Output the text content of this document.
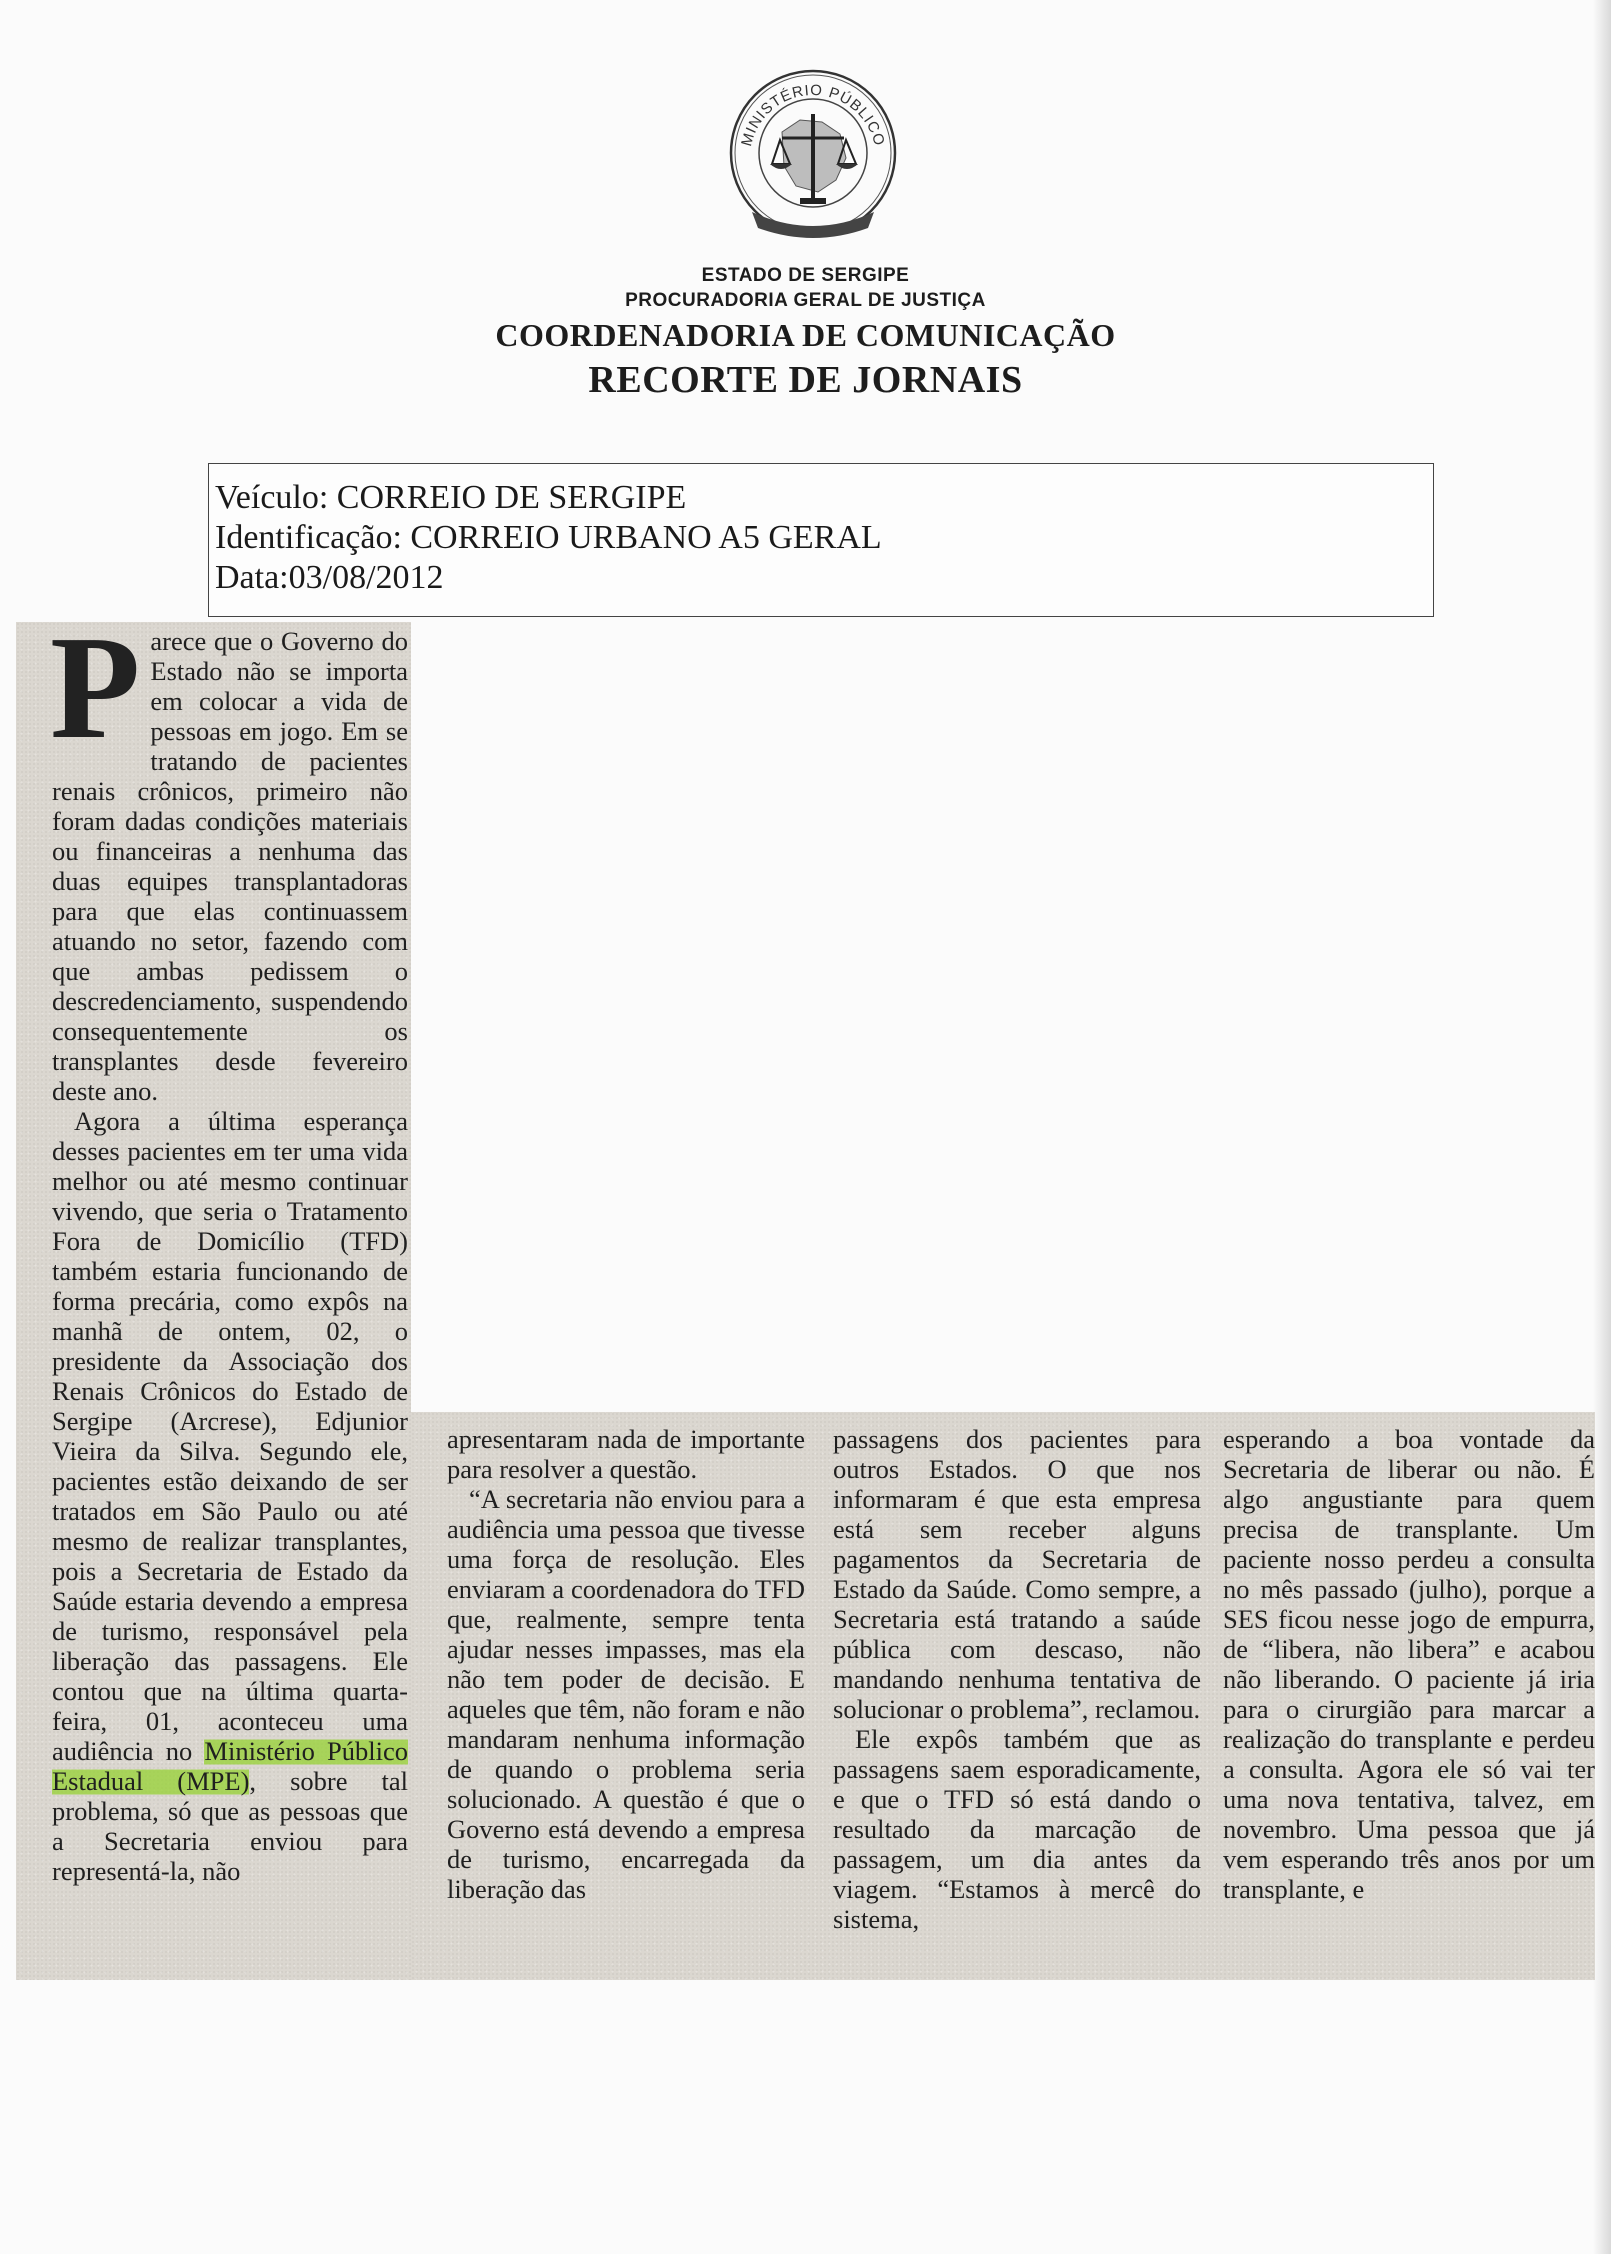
MINISTÉRIO PÚBLICO

ESTADO DE SERGIPE

PROCURADORIA GERAL DE JUSTIÇA

COORDENADORIA DE COMUNICAÇÃO

RECORTE DE JORNAIS

Veículo: CORREIO DE SERGIPE
Identificação: CORREIO URBANO A5 GERAL
Data:03/08/2012

Parece que o Governo do Estado não se importa em colocar a vida de pessoas em jogo. Em se tratando de pacientes renais crônicos, primeiro não foram dadas condições materiais ou financeiras a nenhuma das duas equipes transplantadoras para que elas continuassem atuando no setor, fazendo com que ambas pedissem o descredenciamento, suspendendo consequentemente os transplantes desde fevereiro deste ano.

Agora a última esperança desses pacientes em ter uma vida melhor ou até mesmo continuar vivendo, que seria o Tratamento Fora de Domicílio (TFD) também estaria funcionando de forma precária, como expôs na manhã de ontem, 02, o presidente da Associação dos Renais Crônicos do Estado de Sergipe (Arcrese), Edjunior Vieira da Silva. Segundo ele, pacientes estão deixando de ser tratados em São Paulo ou até mesmo de realizar transplantes, pois a Secretaria de Estado da Saúde estaria devendo a empresa de turismo, responsável pela liberação das passagens. Ele contou que na última quarta-feira, 01, aconteceu uma audiência no Ministério Público Estadual (MPE), sobre tal problema, só que as pessoas que a Secretaria enviou para representá-la, não

apresentaram nada de importante para resolver a questão.

“A secretaria não enviou para a audiência uma pessoa que tivesse uma força de resolução. Eles enviaram a coordenadora do TFD que, realmente, sempre tenta ajudar nesses impasses, mas ela não tem poder de decisão. E aqueles que têm, não foram e não mandaram nenhuma informação de quando o problema seria solucionado. A questão é que o Governo está devendo a empresa de turismo, encarregada da liberação das

passagens dos pacientes para outros Estados. O que nos informaram é que esta empresa está sem receber alguns pagamentos da Secretaria de Estado da Saúde. Como sempre, a Secretaria está tratando a saúde pública com descaso, não mandando nenhuma tentativa de solucionar o problema”, reclamou.

Ele expôs também que as passagens saem esporadicamente, e que o TFD só está dando o resultado da marcação de passagem, um dia antes da viagem. “Estamos à mercê do sistema,

esperando a boa vontade da Secretaria de liberar ou não. É algo angustiante para quem precisa de transplante. Um paciente nosso perdeu a consulta no mês passado (julho), porque a SES ficou nesse jogo de empurra, de “libera, não libera” e acabou não liberando. O paciente já iria para o cirurgião para marcar a realização do transplante e perdeu a consulta. Agora ele só vai ter uma nova tentativa, talvez, em novembro. Uma pessoa que já vem esperando três anos por um transplante, e
